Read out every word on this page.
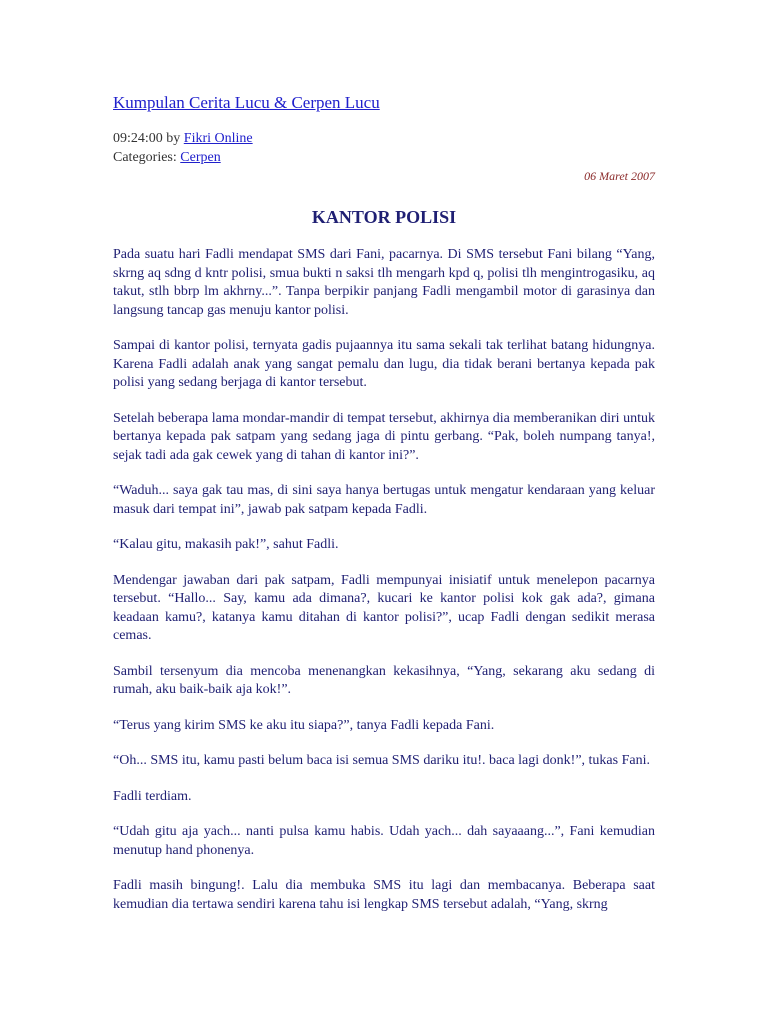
Kumpulan Cerita Lucu & Cerpen Lucu
09:24:00 by Fikri Online
Categories: Cerpen
06 Maret 2007
KANTOR POLISI

Pada suatu hari Fadli mendapat SMS dari Fani, pacarnya. Di SMS tersebut Fani bilang “Yang, skrng aq sdng d kntr polisi, smua bukti n saksi tlh mengarh kpd q, polisi tlh mengintrogasiku, aq takut, stlh bbrp lm akhrny...”. Tanpa berpikir panjang Fadli mengambil motor di garasinya dan langsung tancap gas menuju kantor polisi.

Sampai di kantor polisi, ternyata gadis pujaannya itu sama sekali tak terlihat batang hidungnya. Karena Fadli adalah anak yang sangat pemalu dan lugu, dia tidak berani bertanya kepada pak polisi yang sedang berjaga di kantor tersebut.

Setelah beberapa lama mondar-mandir di tempat tersebut, akhirnya dia memberanikan diri untuk bertanya kepada pak satpam yang sedang jaga di pintu gerbang. “Pak, boleh numpang tanya!, sejak tadi ada gak cewek yang di tahan di kantor ini?”.

“Waduh... saya gak tau mas, di sini saya hanya bertugas untuk mengatur kendaraan yang keluar masuk dari tempat ini”, jawab pak satpam kepada Fadli.

“Kalau gitu, makasih pak!”, sahut Fadli.

Mendengar jawaban dari pak satpam, Fadli mempunyai inisiatif untuk menelepon pacarnya tersebut. “Hallo... Say, kamu ada dimana?, kucari ke kantor polisi kok gak ada?, gimana keadaan kamu?, katanya kamu ditahan di kantor polisi?”, ucap Fadli dengan sedikit merasa cemas.

Sambil tersenyum dia mencoba menenangkan kekasihnya, “Yang, sekarang aku sedang di rumah, aku baik-baik aja kok!”.

“Terus yang kirim SMS ke aku itu siapa?”, tanya Fadli kepada Fani.

“Oh... SMS itu, kamu pasti belum baca isi semua SMS dariku itu!. baca lagi donk!”, tukas Fani.

Fadli terdiam.

“Udah gitu aja yach... nanti pulsa kamu habis. Udah yach... dah sayaaang...”, Fani kemudian menutup hand phonenya.

Fadli masih bingung!. Lalu dia membuka SMS itu lagi dan membacanya. Beberapa saat kemudian dia tertawa sendiri karena tahu isi lengkap SMS tersebut adalah, “Yang, skrng
